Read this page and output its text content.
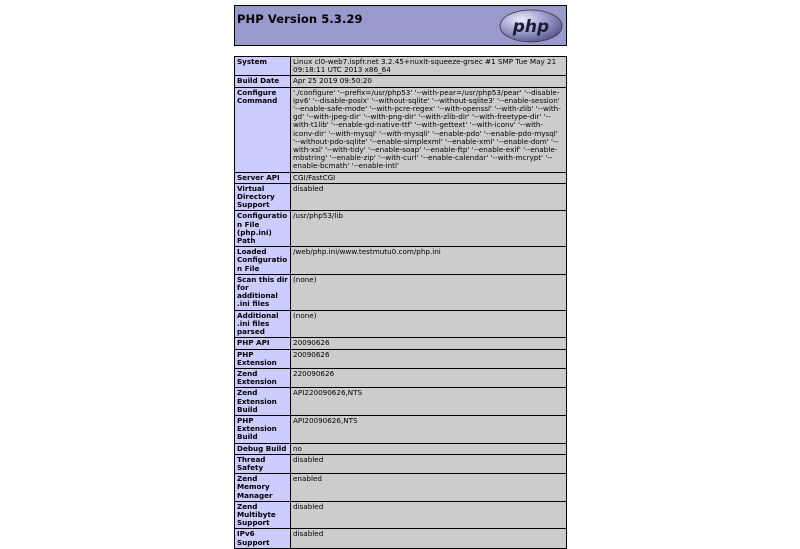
PHP Version 5.3.29	php
System	Linux cl0-web7.ispfr.net 3.2.45+nuxit-squeeze-grsec #1 SMP Tue May 21 09:18:11 UTC 2013 x86_64
Build Date	Apr 25 2019 09:50:20
Configure Command	'./configure' '--prefix=/usr/php53' '--with-pear=/usr/php53/pear' '--disable-ipv6' '--disable-posix' '--without-sqlite' '--without-sqlite3' '--enable-session' '--enable-safe-mode' '--with-pcre-regex' '--with-openssl' '--with-zlib' '--with-gd' '--with-jpeg-dir' '--with-png-dir' '--with-zlib-dir' '--with-freetype-dir' '--with-t1lib' '--enable-gd-native-ttf' '--with-gettext' '--with-iconv' '--with-iconv-dir' '--with-mysql' '--with-mysqli' '--enable-pdo' '--enable-pdo-mysql' '--without-pdo-sqlite' '--enable-simplexml' '--enable-xml' '--enable-dom' '--with-xsl' '--with-tidy' '--enable-soap' '--enable-ftp' '--enable-exif' '--enable-mbstring' '--enable-zip' '--with-curl' '--enable-calendar' '--with-mcrypt' '--enable-bcmath' '--enable-intl'
Server API	CGI/FastCGI
Virtual Directory Support	disabled
Configuration File (php.ini) Path	/usr/php53/lib
Loaded Configuration File	/web/php.ini/www.testmutu0.com/php.ini
Scan this dir for additional .ini files	(none)
Additional .ini files parsed	(none)
PHP API	20090626
PHP Extension	20090626
Zend Extension	220090626
Zend Extension Build	API220090626,NTS
PHP Extension Build	API20090626,NTS
Debug Build	no
Thread Safety	disabled
Zend Memory Manager	enabled
Zend Multibyte Support	disabled
IPv6 Support	disabled
